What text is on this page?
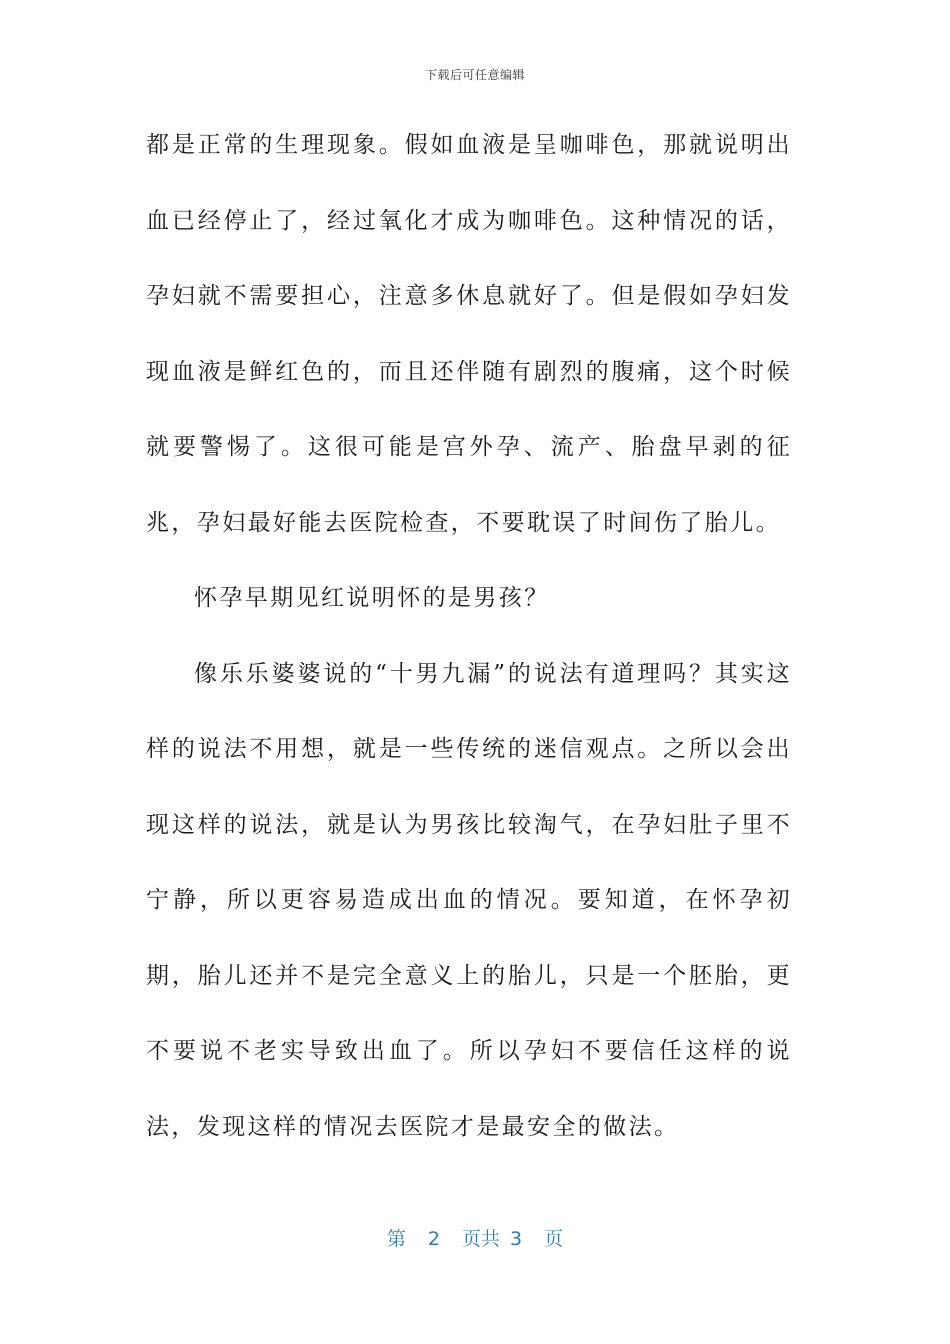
下载后可任意编辑

都是正常的生理现象。假如血液是呈咖啡色，那就说明出血已经停止了，经过氧化才成为咖啡色。这种情况的话，孕妇就不需要担心，注意多休息就好了。但是假如孕妇发现血液是鲜红色的，而且还伴随有剧烈的腹痛，这个时候就要警惕了。这很可能是宫外孕、流产、胎盘早剥的征兆，孕妇最好能去医院检查，不要耽误了时间伤了胎儿。

怀孕早期见红说明怀的是男孩？

像乐乐婆婆说的“十男九漏”的说法有道理吗？其实这样的说法不用想，就是一些传统的迷信观点。之所以会出现这样的说法，就是认为男孩比较淘气，在孕妇肚子里不宁静，所以更容易造成出血的情况。要知道，在怀孕初期，胎儿还并不是完全意义上的胎儿，只是一个胚胎，更不要说不老实导致出血了。所以孕妇不要信任这样的说法，发现这样的情况去医院才是最安全的做法。

第 2 页共 3 页
